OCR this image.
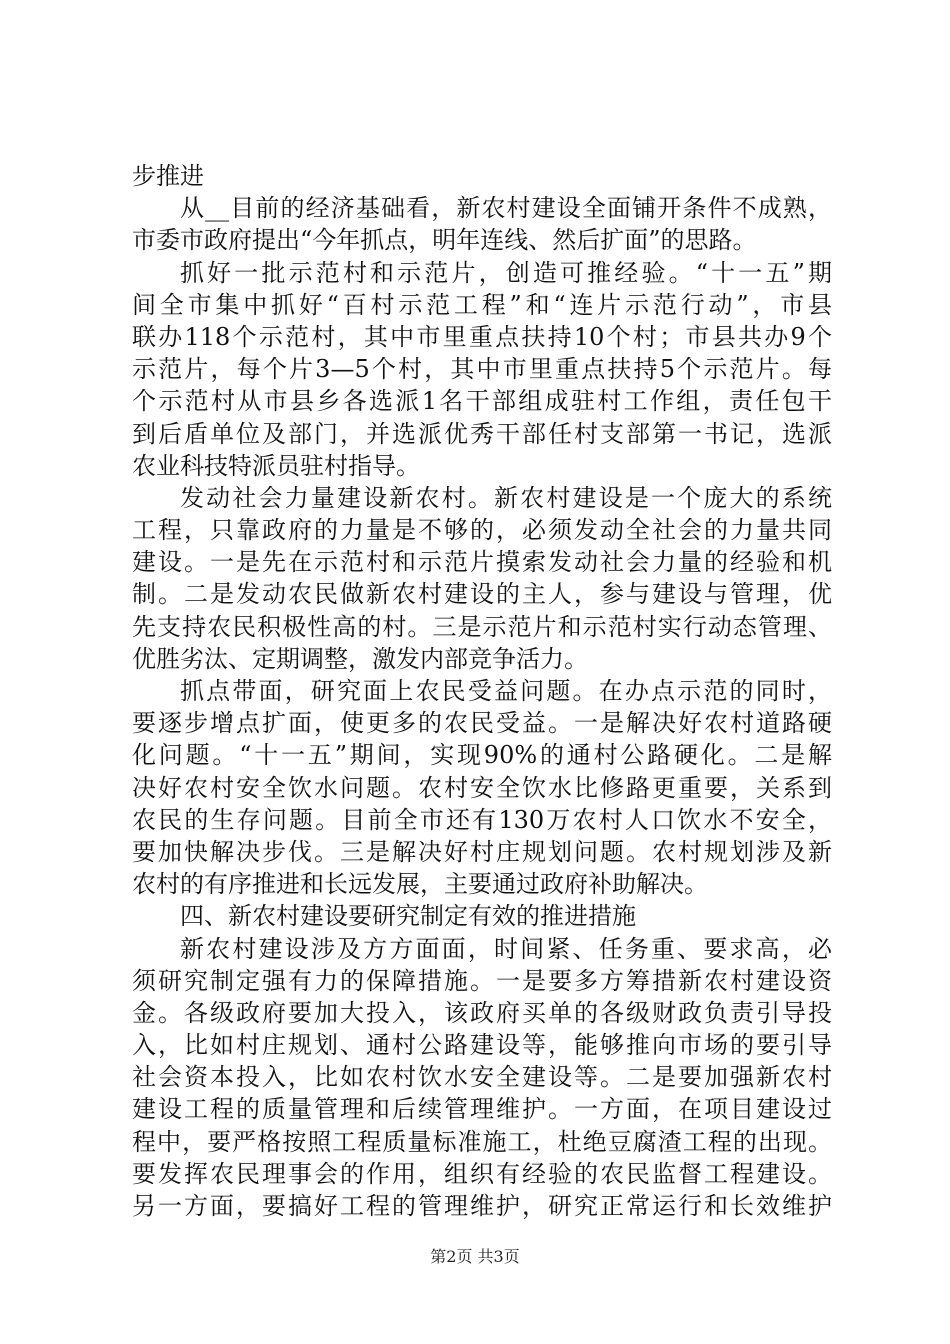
步推进
从__目前的经济基础看，新农村建设全面铺开条件不成熟，
市委市政府提出“今年抓点，明年连线、然后扩面”的思路。
抓好一批示范村和示范片，创造可推经验。“十一五”期
间全市集中抓好“百村示范工程”和“连片示范行动”，市县
联办118个示范村，其中市里重点扶持10个村；市县共办9个
示范片，每个片3—5个村，其中市里重点扶持5个示范片。每
个示范村从市县乡各选派1名干部组成驻村工作组，责任包干
到后盾单位及部门，并选派优秀干部任村支部第一书记，选派
农业科技特派员驻村指导。
发动社会力量建设新农村。新农村建设是一个庞大的系统
工程，只靠政府的力量是不够的，必须发动全社会的力量共同
建设。一是先在示范村和示范片摸索发动社会力量的经验和机
制。二是发动农民做新农村建设的主人，参与建设与管理，优
先支持农民积极性高的村。三是示范片和示范村实行动态管理、
优胜劣汰、定期调整，激发内部竞争活力。
抓点带面，研究面上农民受益问题。在办点示范的同时，
要逐步增点扩面，使更多的农民受益。一是解决好农村道路硬
化问题。“十一五”期间，实现90%的通村公路硬化。二是解
决好农村安全饮水问题。农村安全饮水比修路更重要，关系到
农民的生存问题。目前全市还有130万农村人口饮水不安全，
要加快解决步伐。三是解决好村庄规划问题。农村规划涉及新
农村的有序推进和长远发展，主要通过政府补助解决。
四、新农村建设要研究制定有效的推进措施
新农村建设涉及方方面面，时间紧、任务重、要求高，必
须研究制定强有力的保障措施。一是要多方筹措新农村建设资
金。各级政府要加大投入，该政府买单的各级财政负责引导投
入，比如村庄规划、通村公路建设等，能够推向市场的要引导
社会资本投入，比如农村饮水安全建设等。二是要加强新农村
建设工程的质量管理和后续管理维护。一方面，在项目建设过
程中，要严格按照工程质量标准施工，杜绝豆腐渣工程的出现。
要发挥农民理事会的作用，组织有经验的农民监督工程建设。
另一方面，要搞好工程的管理维护，研究正常运行和长效维护
第2页 共3页
